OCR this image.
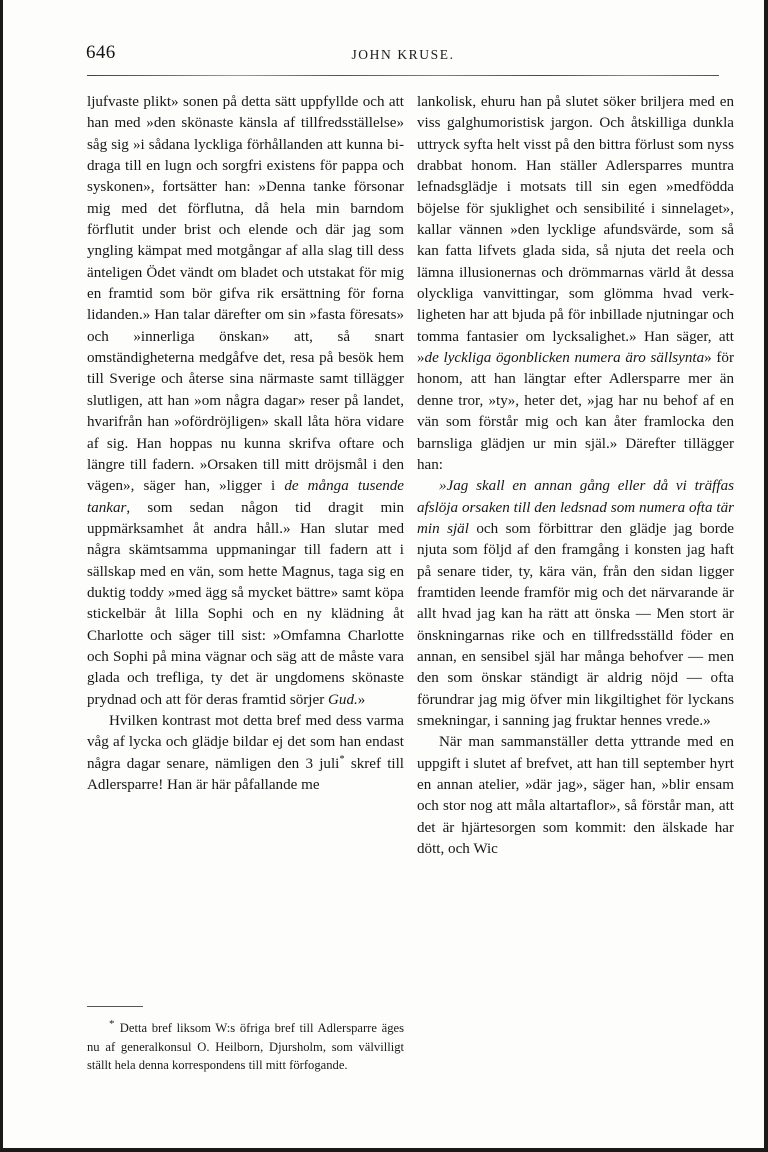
646	JOHN KRUSE.

ljufvaste plikt» sonen på detta sätt uppfyllde och att han med »den skönaste känsla af tillfredsställelse» såg sig »i sådana lyckliga förhållanden att kunna bidraga till en lugn och sorgfri existens för pappa och syskonen», fortsätter han: »Denna tanke försonar mig med det förflutna, då hela min barndom förflutit under brist och elende och där jag som yngling kämpat med motgångar af alla slag till dess änteligen Ödet vändt om bladet och utstakat för mig en framtid som bör gifva rik ersättning för forna lidanden.» Han talar därefter om sin »fasta föresats» och »innerliga önskan» att, så snart omständigheterna medgåfve det, resa på besök hem till Sverige och återse sina närmaste samt tillägger slutligen, att han »om några dagar» reser på landet, hvarifrån han »ofördröjligen» skall låta höra vidare af sig. Han hoppas nu kunna skrifva oftare och längre till fadern. »Orsaken till mitt dröjsmål i den vägen», säger han, »ligger i de många tusende tankar, som sedan någon tid dragit min uppmärksamhet åt andra håll.» Han slutar med några skämtsamma uppmaningar till fadern att i sällskap med en vän, som hette Magnus, taga sig en duktig toddy »med ägg så mycket bättre» samt köpa stickelbär åt lilla Sophi och en ny klädning åt Charlotte och säger till sist: »Omfamna Charlotte och Sophi på mina vägnar och säg att de måste vara glada och trefliga, ty det är ungdomens skönaste prydnad och att för deras framtid sörjer Gud.»

Hvilken kontrast mot detta bref med dess varma våg af lycka och glädje bildar ej det som han endast några dagar senare, nämligen den 3 juli* skref till Adlersparre! Han är här påfallande me

* Detta bref liksom W:s öfriga bref till Adlersparre äges nu af generalkonsul O. Heilborn, Djursholm, som välvilligt ställt hela denna korrespondens till mitt förfogande.

lankolisk, ehuru han på slutet söker briljera med en viss galghumoristisk jargon. Och åtskilliga dunkla uttryck syfta helt visst på den bittra förlust som nyss drabbat honom. Han ställer Adlersparres muntra lefnadsglädje i motsats till sin egen »medfödda böjelse för sjuklighet och sensibilité i sinnelaget», kallar vännen »den lycklige afundsvärde, som så kan fatta lifvets glada sida, så njuta det reela och lämna illusionernas och drömmarnas värld åt dessa olyckliga vanvittingar, som glömma hvad verkligheten har att bjuda på för inbillade njutningar och tomma fantasier om lycksalighet.» Han säger, att »de lyckliga ögonblicken numera äro sällsynta» för honom, att han längtar efter Adlersparre mer än denne tror, »ty», heter det, »jag har nu behof af en vän som förstår mig och kan åter framlocka den barnsliga glädjen ur min själ.» Därefter tillägger han:

»Jag skall en annan gång eller då vi träffas afslöja orsaken till den ledsnad som numera ofta tär min själ och som förbittrar den glädje jag borde njuta som följd af den framgång i konsten jag haft på senare tider, ty, kära vän, från den sidan ligger framtiden leende framför mig och det närvarande är allt hvad jag kan ha rätt att önska — Men stort är önskningarnas rike och en tillfredsställd föder en annan, en sensibel själ har många behofver — men den som önskar ständigt är aldrig nöjd — ofta förundrar jag mig öfver min likgiltighet för lyckans smekningar, i sanning jag fruktar hennes vrede.»

När man sammanställer detta yttrande med en uppgift i slutet af brefvet, att han till september hyrt en annan atelier, »där jag», säger han, »blir ensam och stor nog att måla altartaflor», så förstår man, att det är hjärtesorgen som kommit: den älskade har dött, och Wic
